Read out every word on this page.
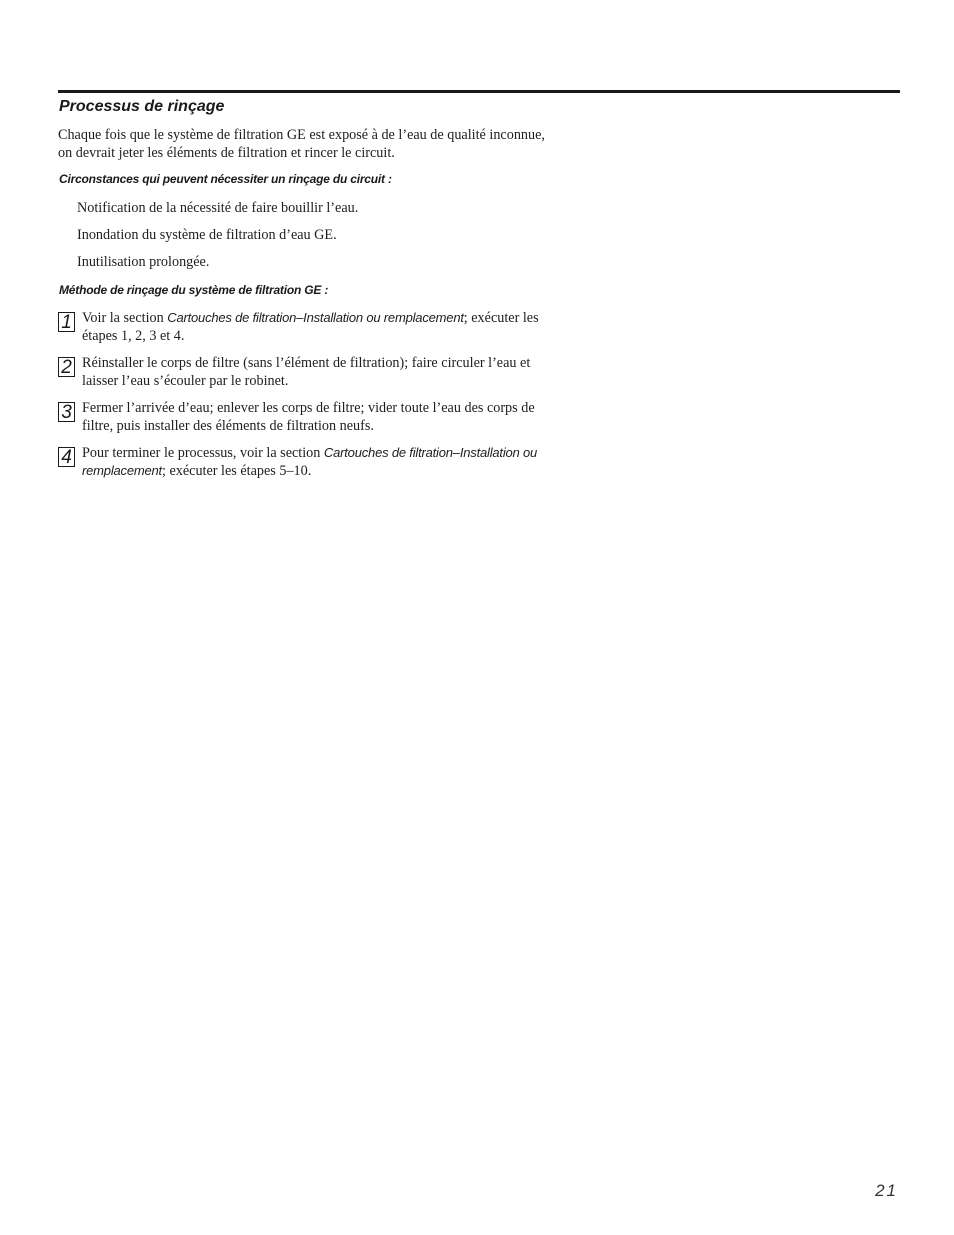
Processus de rinçage
Chaque fois que le système de filtration GE est exposé à de l’eau de qualité inconnue, on devrait jeter les éléments de filtration et rincer le circuit.
Circonstances qui peuvent nécessiter un rinçage du circuit :
Notification de la nécessité de faire bouillir l’eau.
Inondation du système de filtration d’eau GE.
Inutilisation prolongée.
Méthode de rinçage du système de filtration GE :
1 Voir la section Cartouches de filtration–Installation ou remplacement; exécuter les étapes 1, 2, 3 et 4.
2 Réinstaller le corps de filtre (sans l’élément de filtration); faire circuler l’eau et laisser l’eau s’écouler par le robinet.
3 Fermer l’arrivée d’eau; enlever les corps de filtre; vider toute l’eau des corps de filtre, puis installer des éléments de filtration neufs.
4 Pour terminer le processus, voir la section Cartouches de filtration–Installation ou remplacement; exécuter les étapes 5–10.
21
